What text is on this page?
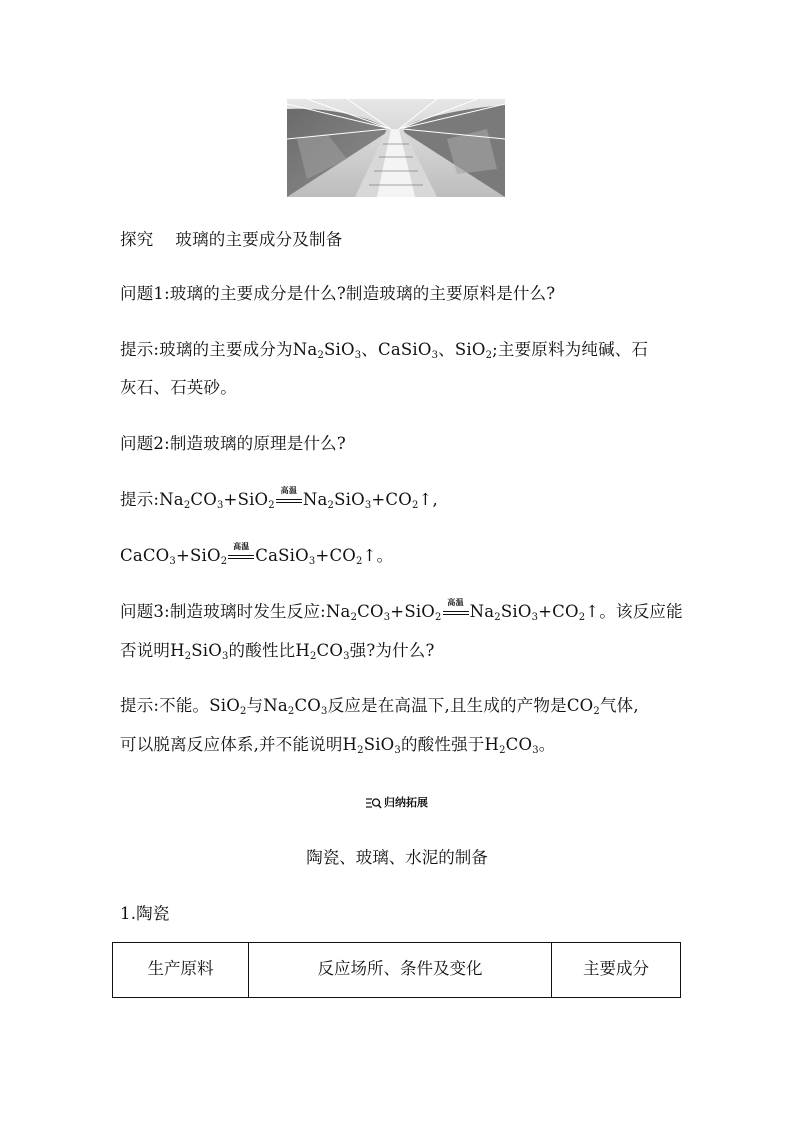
探究 玻璃的主要成分及制备
问题1:玻璃的主要成分是什么?制造玻璃的主要原料是什么?
提示:玻璃的主要成分为$Na_2SiO_3$、CaSiO$_3$、SiO$_2$;主要原料为纯碱、石
灰石、石英砂。
问题2:制造玻璃的原理是什么?
提示$:Na_2CO_3+SiO_2$
高温 $Na_2SiO_3+CO_2↑$,
CaCO$_3$+SiO$_2$
高温 $CaSiO_3+CO_2↑$。
问题3:制造玻璃时发生反应$:Na_2CO_3+SiO_2$
高温 $Na_2SiO_3+CO_2↑$。该反应能
否说明$H_2SiO_3$的酸性比$H_2CO_3$强?为什么?
提示:不能。SiO$_2$与$Na_2CO_3$反应是在高温下,且生成的产物是$CO_2$气体,
可以脱离反应体系,并不能说明$H_2SiO_3$的酸性强于$H_2CO_3$。
归纳拓展
陶瓷、玻璃、水泥的制备
1.陶瓷
生产原料	反应场所、条件及变化	主要成分
